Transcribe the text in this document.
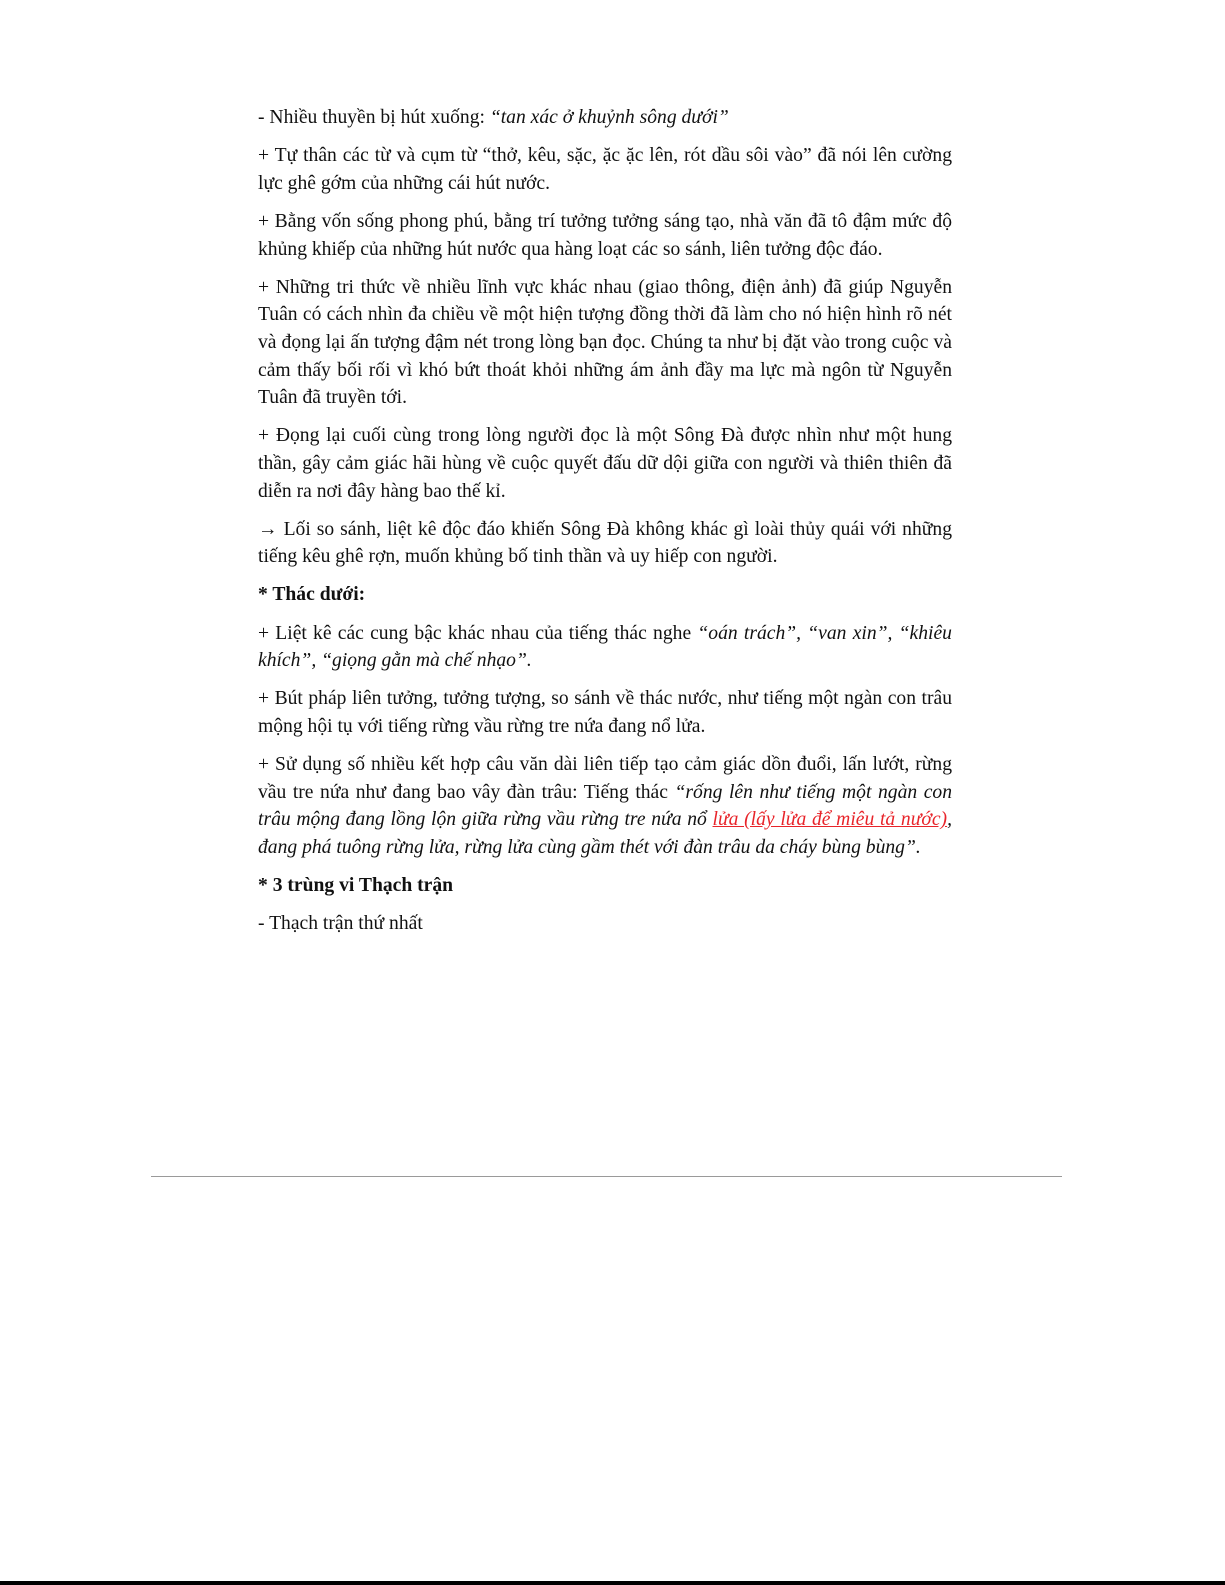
- Nhiều thuyền bị hút xuống: “tan xác ở khuỷnh sông dưới”

+ Tự thân các từ và cụm từ “thở, kêu, sặc, ặc ặc lên, rót dầu sôi vào” đã nói lên cường lực ghê gớm của những cái hút nước.

+ Bằng vốn sống phong phú, bằng trí tưởng tưởng sáng tạo, nhà văn đã tô đậm mức độ khủng khiếp của những hút nước qua hàng loạt các so sánh, liên tưởng độc đáo.

+ Những tri thức về nhiều lĩnh vực khác nhau (giao thông, điện ảnh) đã giúp Nguyễn Tuân có cách nhìn đa chiều về một hiện tượng đồng thời đã làm cho nó hiện hình rõ nét và đọng lại ấn tượng đậm nét trong lòng bạn đọc. Chúng ta như bị đặt vào trong cuộc và cảm thấy bối rối vì khó bứt thoát khỏi những ám ảnh đầy ma lực mà ngôn từ Nguyễn Tuân đã truyền tới.

+ Đọng lại cuối cùng trong lòng người đọc là một Sông Đà được nhìn như một hung thần, gây cảm giác hãi hùng về cuộc quyết đấu dữ dội giữa con người và thiên thiên đã diễn ra nơi đây hàng bao thế kỉ.

→ Lối so sánh, liệt kê độc đáo khiến Sông Đà không khác gì loài thủy quái với những tiếng kêu ghê rợn, muốn khủng bố tinh thần và uy hiếp con người.

* Thác dưới:

+ Liệt kê các cung bậc khác nhau của tiếng thác nghe “oán trách”, “van xin”, “khiêu khích”, “giọng gằn mà chế nhạo”.

+ Bút pháp liên tưởng, tưởng tượng, so sánh về thác nước, như tiếng một ngàn con trâu mộng hội tụ với tiếng rừng vầu rừng tre nứa đang nổ lửa.

+ Sử dụng số nhiều kết hợp câu văn dài liên tiếp tạo cảm giác dồn đuổi, lấn lướt, rừng vầu tre nứa như đang bao vây đàn trâu: Tiếng thác “rống lên như tiếng một ngàn con trâu mộng đang lồng lộn giữa rừng vầu rừng tre nứa nổ lửa (lấy lửa để miêu tả nước), đang phá tuông rừng lửa, rừng lửa cùng gầm thét với đàn trâu da cháy bùng bùng”.

* 3 trùng vi Thạch trận

- Thạch trận thứ nhất
